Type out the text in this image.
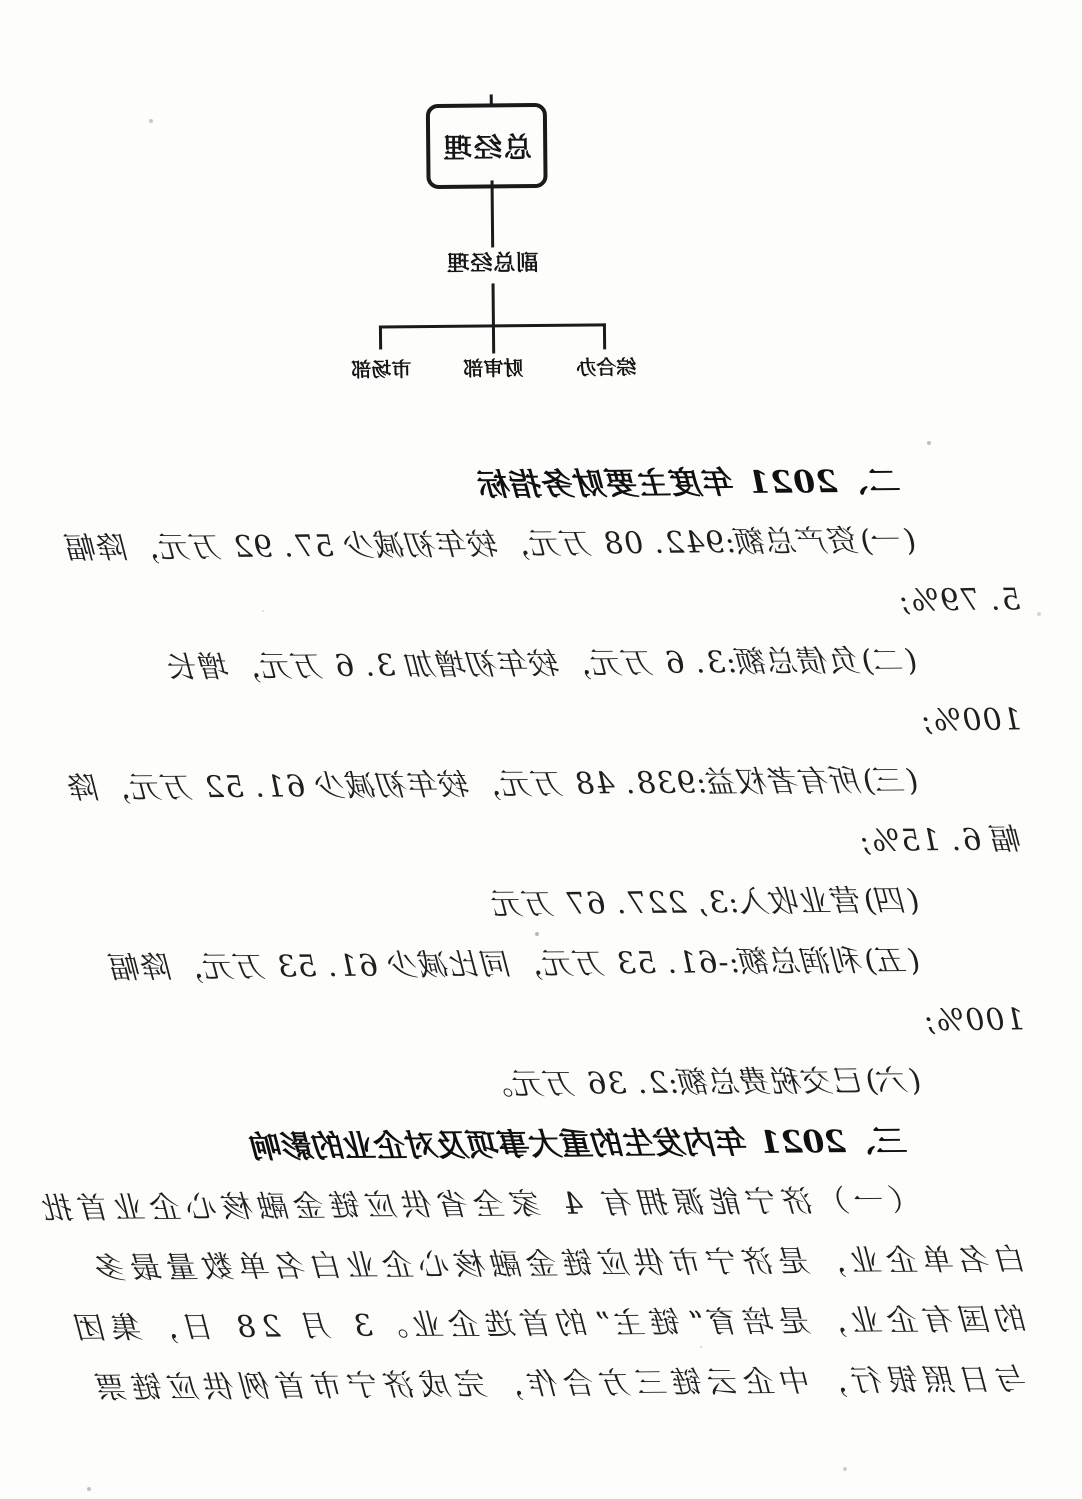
总经理
副总经理
综合办
财审部
市场部
二、2021 年度主要财务指标
(一)资产总额:942. 08 万元，较年初减少 57. 92 万元，降幅
5. 79%;
(二)负债总额:3. 6 万元，较年初增加 3. 6 万元，增长
100%;
(三)所有者权益:938. 48 万元，较年初减少 61. 52 万元，降
幅 6. 15%;
(四)营业收入:3, 227. 67 万元
(五)利润总额:-61. 53 万元，同比减少 61. 53 万元，降幅
100%;
(六)已交税费总额:2. 36 万元。
三、2021 年内发生的重大事项及对企业的影响
（一）济宁能源拥有 4 家全省供应链金融核心企业首批
白名单企业，是济宁市供应链金融核心企业白名单数量最多
的国有企业，是培育“链主”的首选企业。3 月 28 日，集团
与日照银行，中企云链三方合作，完成济宁市首例供应链票
